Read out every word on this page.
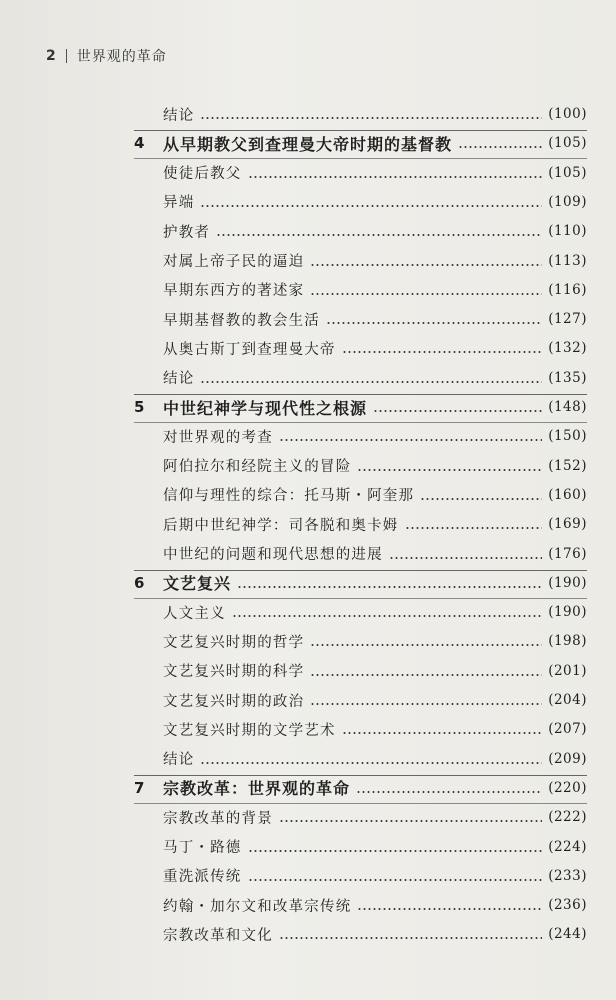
2 世界观的革命
结论	(100)
4	从早期教父到查理曼大帝时期的基督教	(105)
使徒后教父	(105)
异端	(109)
护教者	(110)
对属上帝子民的逼迫	(113)
早期东西方的著述家	(116)
早期基督教的教会生活	(127)
从奥古斯丁到查理曼大帝	(132)
结论	(135)
5	中世纪神学与现代性之根源	(148)
对世界观的考查	(150)
阿伯拉尔和经院主义的冒险	(152)
信仰与理性的综合：托马斯・阿奎那	(160)
后期中世纪神学：司各脱和奥卡姆	(169)
中世纪的问题和现代思想的进展	(176)
6	文艺复兴	(190)
人文主义	(190)
文艺复兴时期的哲学	(198)
文艺复兴时期的科学	(201)
文艺复兴时期的政治	(204)
文艺复兴时期的文学艺术	(207)
结论	(209)
7	宗教改革：世界观的革命	(220)
宗教改革的背景	(222)
马丁・路德	(224)
重洗派传统	(233)
约翰・加尔文和改革宗传统	(236)
宗教改革和文化	(244)
